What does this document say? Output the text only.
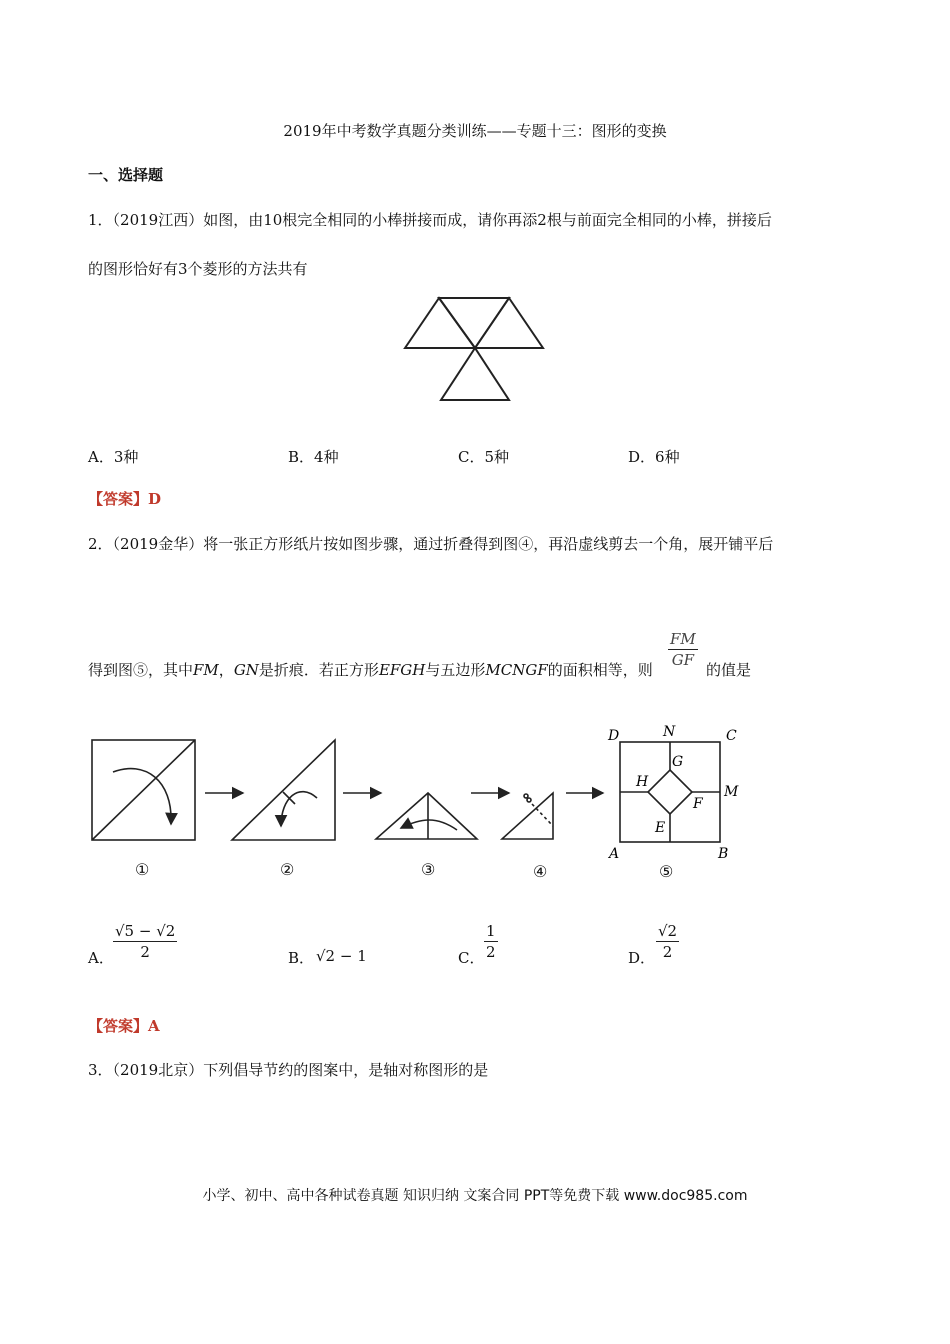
2019年中考数学真题分类训练——专题十三：图形的变换
一、选择题
1．（2019江西）如图，由10根完全相同的小棒拼接而成，请你再添2根与前面完全相同的小棒，拼接后
的图形恰好有3个菱形的方法共有
A．3种	B．4种	C．5种	D．6种
【答案】D
2．（2019金华）将一张正方形纸片按如图步骤，通过折叠得到图④，再沿虚线剪去一个角，展开铺平后
得到图⑤，其中FM，GN是折痕．若正方形EFGH与五边形MCNGF的面积相等，则
$\frac{FM}{GF}$
的值是
D	N	C
G
H
M
F
E
A	B
①	②	③	④	⑤
A． $\frac{√5 - √2}{2}$	B． √2 − 1	C． $\frac{1}{2}$	D． $\frac{√2}{2}$
【答案】A
3．（2019北京）下列倡导节约的图案中，是轴对称图形的是
小学、初中、高中各种试卷真题 知识归纳 文案合同 PPT等免费下载 www.doc985.com
